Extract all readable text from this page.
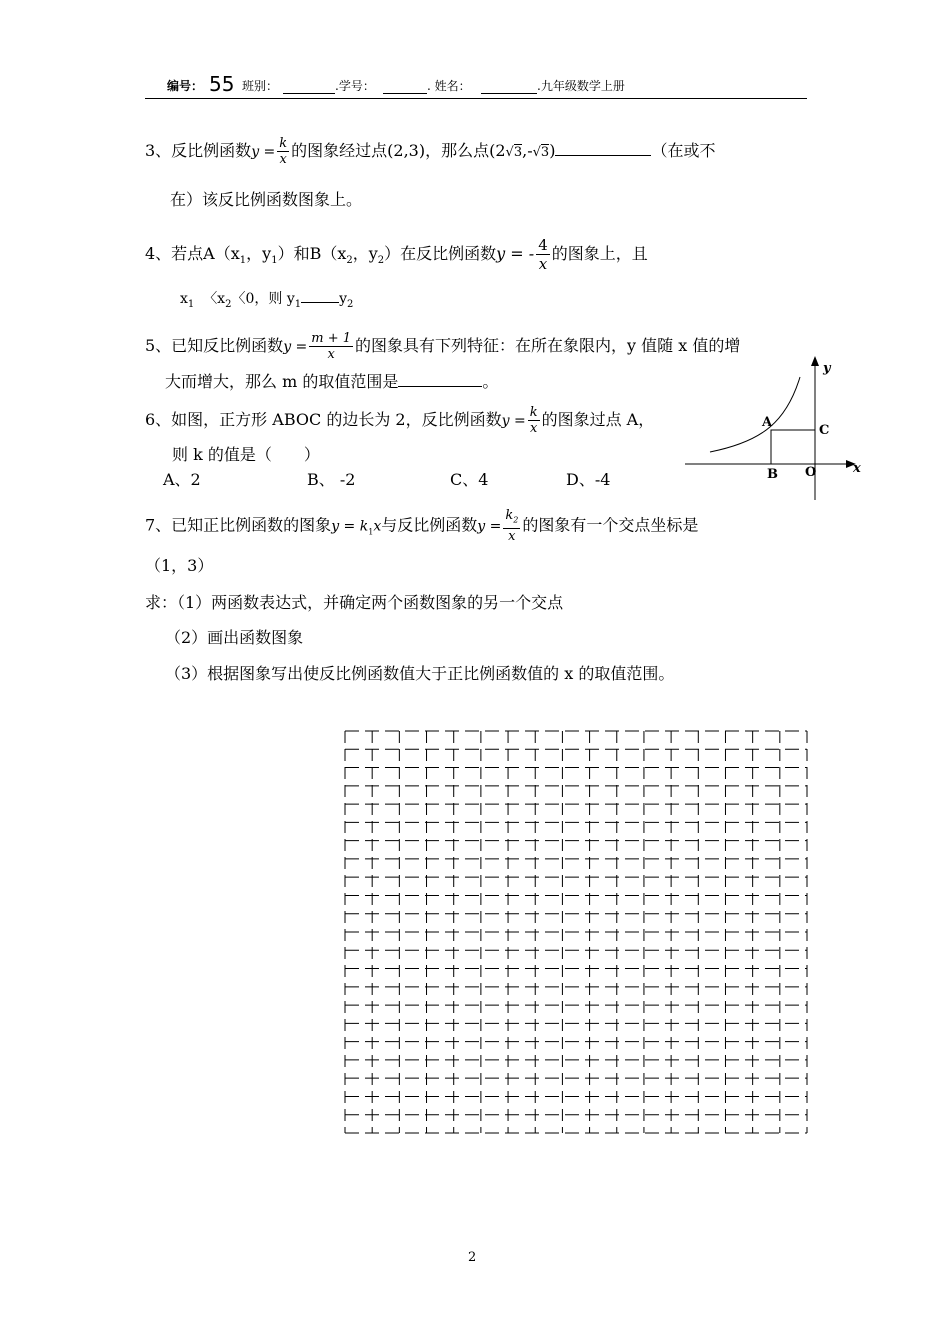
编号： 55 班别：	.学号：	. 姓名：	.九年级数学上册
3、反比例函数$y = \frac{k}{x}$ 的图象经过点(2,3)，那么点(2√3,-√3)	（在或不
在）该反比例函数图象上。
4、若点$A(x_1$，$y_1$）和$B(x_2$，$y_2$）在反比例函数y = - $\frac{4}{x}$ 的图象上，且
$x_1$ 〈$x_2$〈0，则 $y_1$	$y_2$
5、已知反比例函数$y = \frac{m + 1}{x}$ 的图象具有下列特征：在所在象限内，y 值随 x 值的增
大而增大，那么 m 的取值范围是	。
6、如图，正方形 ABOC 的边长为 2，反比例函数$y = \frac{k}{x}$ 的图象过点 A，
则 k 的值是（　　）
A、2	B、 -2	C、4	D、-4
y
x
A
C
B O
7、已知正比例函数的图象$y = k_1x$与反比例函数$y = \frac{k_2}{x}$ 的图象有一个交点坐标是
（1，3）
求：（1）两函数表达式，并确定两个函数图象的另一个交点
（2）画出函数图象
（3）根据图象写出使反比例函数值大于正比例函数值的 x 的取值范围。
2
